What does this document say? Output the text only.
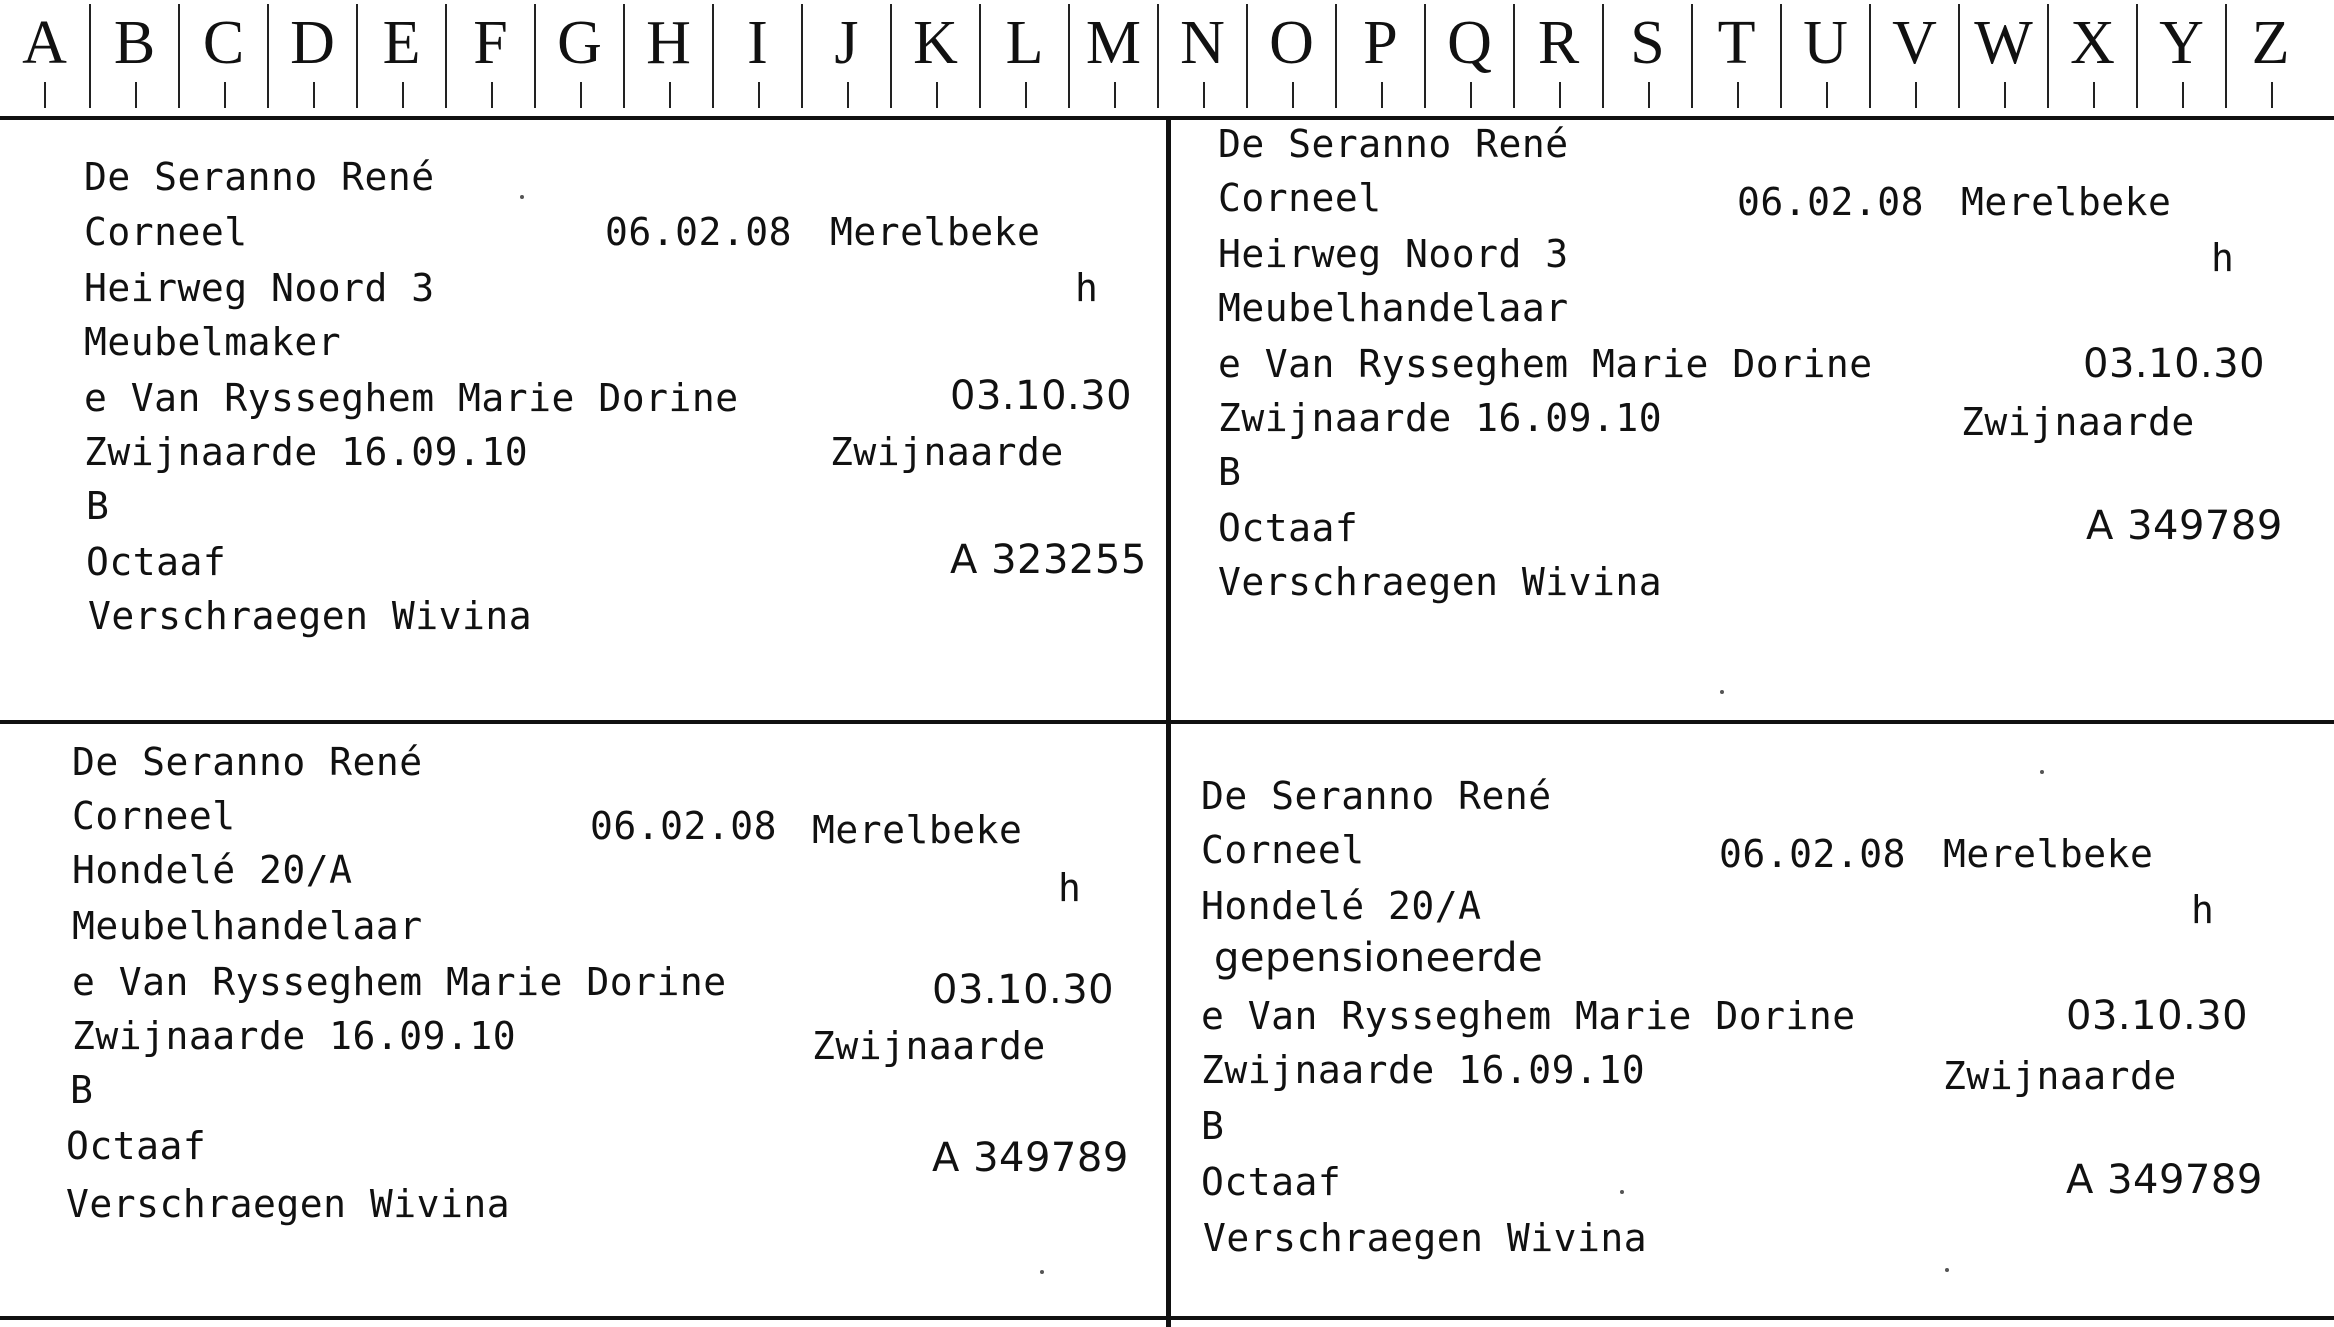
A B C D E F G H I	J K L M N O P Q R S T U V W X Y Z
De Seranno René
Corneel	06.02.08 Merelbeke
Heirweg Noord 3	h
Meubelmaker
e Van Rysseghem Marie Dorine	03.10.30
Zwijnaarde 16.09.10	Zwijnaarde
B
Octaaf	A 323255
Verschraegen Wivina
De Seranno René
Corneel	06.02.08 Merelbeke
Heirweg Noord 3	h
Meubelhandelaar
e Van Rysseghem Marie Dorine	03.10.30
Zwijnaarde 16.09.10	Zwijnaarde
B
Octaaf	A 349789
Verschraegen Wivina
De Seranno René
Corneel	06.02.08 Merelbeke
Hondelé 20/A	h
Meubelhandelaar
e Van Rysseghem Marie Dorine	03.10.30
Zwijnaarde 16.09.10	Zwijnaarde
B
Octaaf	A 349789
Verschraegen Wivina
De Seranno René
Corneel	06.02.08 Merelbeke
Hondelé 20/A	h
gepensioneerde
e Van Rysseghem Marie Dorine	03.10.30
Zwijnaarde 16.09.10	Zwijnaarde
B
Octaaf	A 349789
Verschraegen Wivina
